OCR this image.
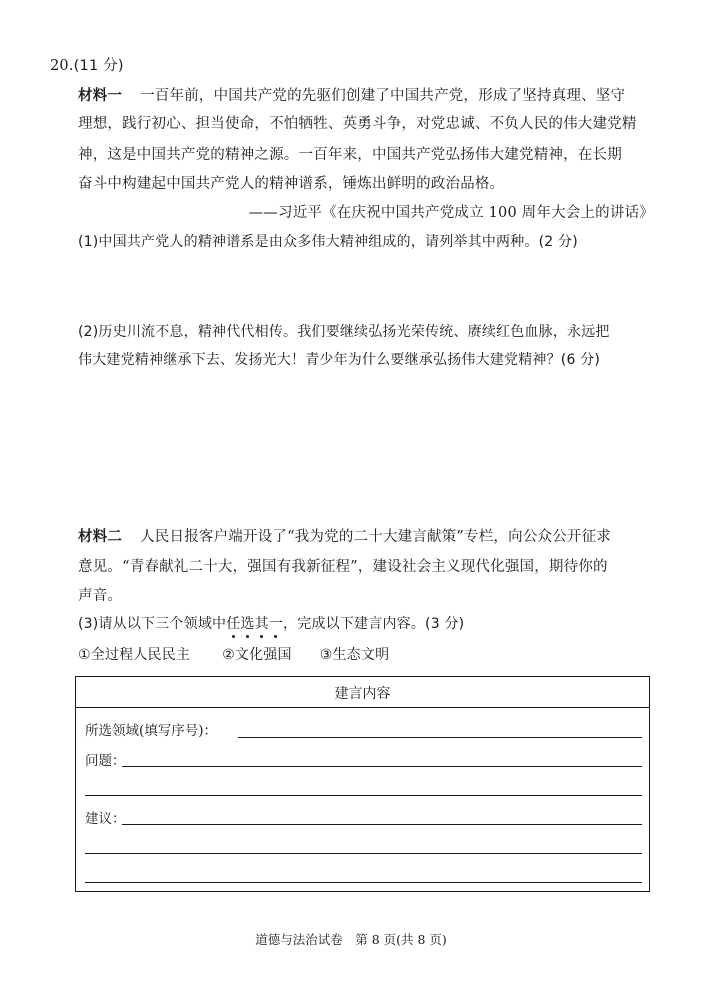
20.(11 分)
材料一 一百年前，中国共产党的先驱们创建了中国共产党，形成了坚持真理、坚守
理想，践行初心、担当使命，不怕牺牲、英勇斗争，对党忠诚、不负人民的伟大建党精
神，这是中国共产党的精神之源。一百年来，中国共产党弘扬伟大建党精神，在长期
奋斗中构建起中国共产党人的精神谱系，锤炼出鲜明的政治品格。
——习近平《在庆祝中国共产党成立 100 周年大会上的讲话》
(1)中国共产党人的精神谱系是由众多伟大精神组成的，请列举其中两种。(2 分)
(2)历史川流不息，精神代代相传。我们要继续弘扬光荣传统、赓续红色血脉，永远把
伟大建党精神继承下去、发扬光大！青少年为什么要继承弘扬伟大建党精神？(6 分)
材料二 人民日报客户端开设了“我为党的二十大建言献策”专栏，向公众公开征求
意见。“青春献礼二十大，强国有我新征程”，建设社会主义现代化强国，期待你的
声音。
(3)请从以下三个领域中任选其一，完成以下建言内容。(3 分)
①全过程人民民主 ②文化强国 ③生态文明
建言内容
所选领域(填写序号)：
问题：
建议：
道德与法治试卷　第 8 页(共 8 页)
